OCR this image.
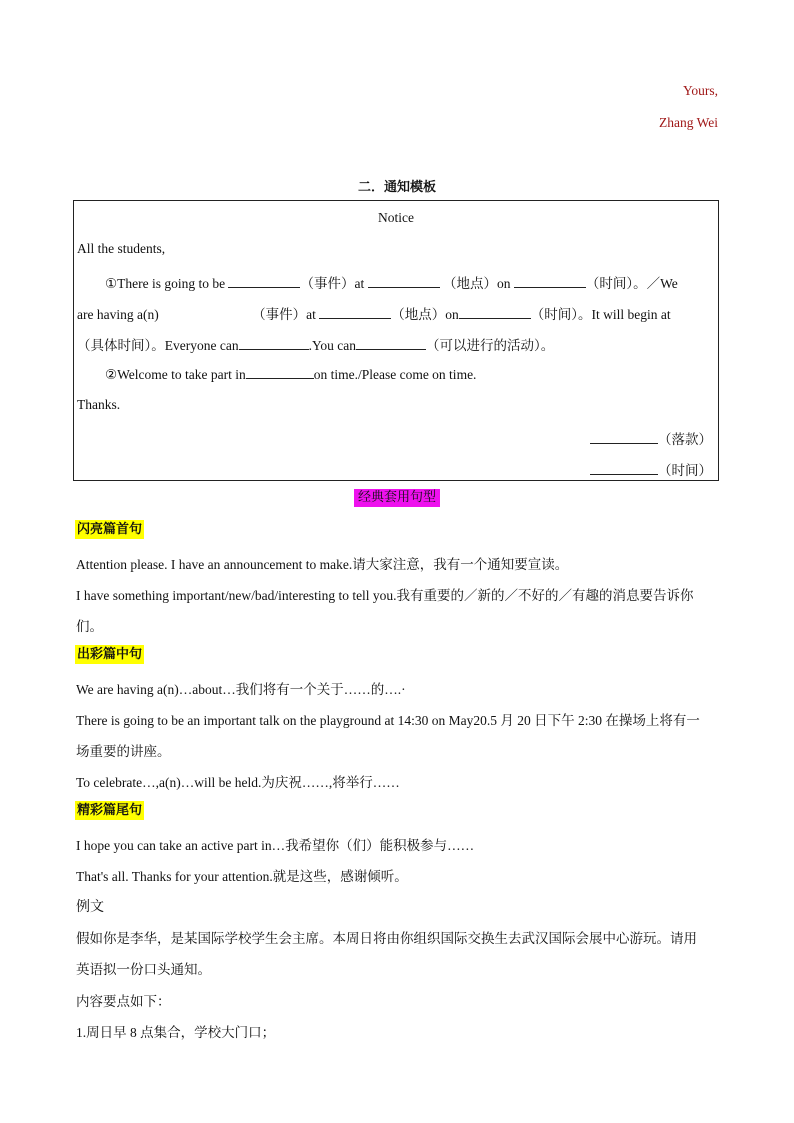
Yours,
Zhang Wei
二．通知模板
Notice
All the students,
①There is going to be	（事件）at	（地点）on	（时间）。／We
are having a(n)	（事件）at	（地点）on	（时间）。It will begin at
（具体时间）。Everyone can	.You can	（可以进行的活动）。
②Welcome to take part in	on time./Please come on time.
Thanks.
（落款）
（时间）
经典套用句型
闪亮篇首句
Attention please. I have an announcement to make.请大家注意，我有一个通知要宣读。
I have something important/new/bad/interesting to tell you.我有重要的／新的／不好的／有趣的消息要告诉你
们。
出彩篇中句
We are having a(n)…about…我们将有一个关于……的….·
There is going to be an important talk on the playground at 14:30 on May20.5 月 20 日下午 2:30 在操场上将有一
场重要的讲座。
To celebrate…,a(n)…will be held.为庆祝……,将举行……
精彩篇尾句
I hope you can take an active part in…我希望你（们）能积极参与……
That's all. Thanks for your attention.就是这些，感谢倾听。
例文
假如你是李华，是某国际学校学生会主席。本周日将由你组织国际交换生去武汉国际会展中心游玩。请用
英语拟一份口头通知。
内容要点如下：
1.周日早 8 点集合，学校大门口；
